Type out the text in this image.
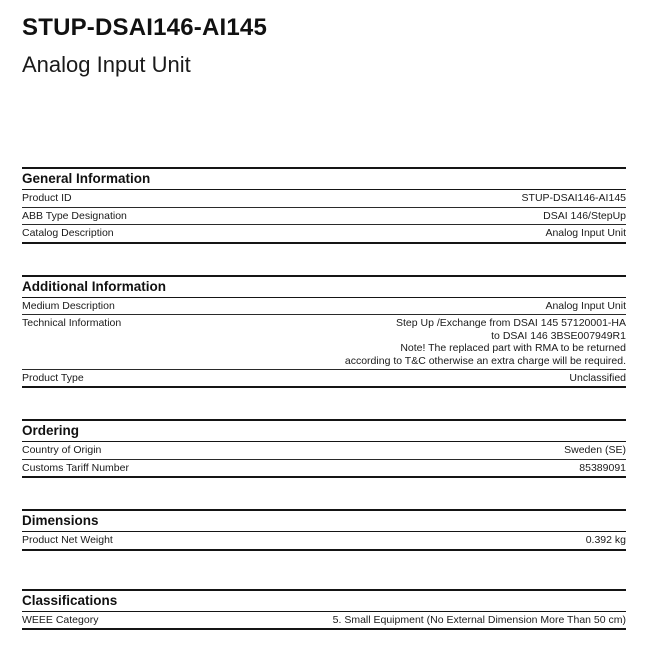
STUP-DSAI146-AI145
Analog Input Unit
General Information
Product ID	STUP-DSAI146-AI145
ABB Type Designation	DSAI 146/StepUp
Catalog Description	Analog Input Unit
Additional Information
Medium Description	Analog Input Unit
Technical Information	Step Up /Exchange from DSAI 145 57120001-HA
to DSAI 146 3BSE007949R1
Note! The replaced part with RMA to be returned
according to T&C otherwise an extra charge will be required.
Product Type	Unclassified
Ordering
Country of Origin	Sweden (SE)
Customs Tariff Number	85389091
Dimensions
Product Net Weight	0.392 kg
Classifications
WEEE Category	5. Small Equipment (No External Dimension More Than 50 cm)
